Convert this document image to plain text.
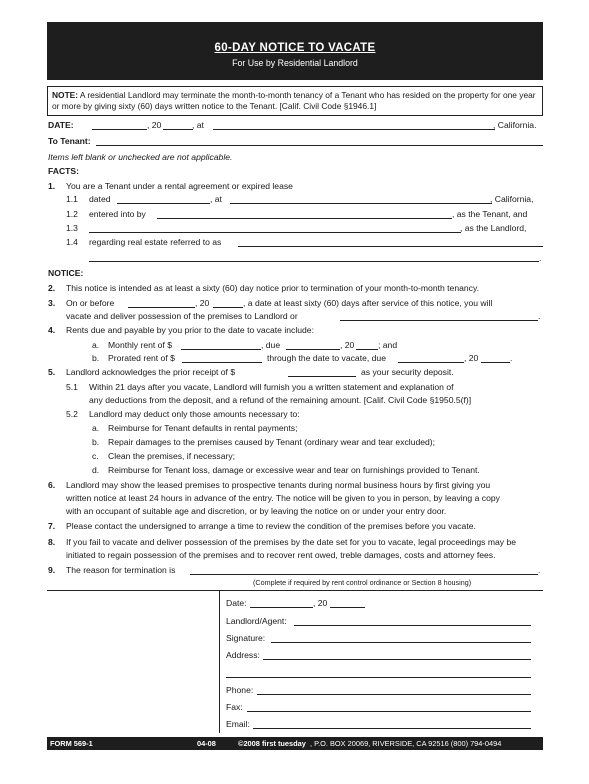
60-DAY NOTICE TO VACATE
For Use by Residential Landlord
NOTE: A residential Landlord may terminate the month-to-month tenancy of a Tenant who has resided on the property for one year or more by giving sixty (60) days written notice to the Tenant. [Calif. Civil Code §1946.1]
DATE:	, 20	, at	, California.
To Tenant:
Items left blank or unchecked are not applicable.
FACTS:
1. You are a Tenant under a rental agreement or expired lease
1.1 dated	, at	, California,
1.2 entered into by	, as the Tenant, and
1.3	, as the Landlord,
1.4 regarding real estate referred to as
.
NOTICE:
2. This notice is intended as at least a sixty (60) day notice prior to termination of your month-to-month tenancy.
3. On or before	, 20	, a date at least sixty (60) days after service of this notice, you will
vacate and deliver possession of the premises to Landlord or	.
4. Rents due and payable by you prior to the date to vacate include:
a. Monthly rent of $	, due	, 20	; and
b. Prorated rent of $	through the date to vacate, due	, 20	.
5. Landlord acknowledges the prior receipt of $	as your security deposit.
5.1 Within 21 days after you vacate, Landlord will furnish you a written statement and explanation of
any deductions from the deposit, and a refund of the remaining amount. [Calif. Civil Code §1950.5(f)]
5.2 Landlord may deduct only those amounts necessary to:
a. Reimburse for Tenant defaults in rental payments;
b. Repair damages to the premises caused by Tenant (ordinary wear and tear excluded);
c. Clean the premises, if necessary;
d. Reimburse for Tenant loss, damage or excessive wear and tear on furnishings provided to Tenant.
6. Landlord may show the leased premises to prospective tenants during normal business hours by first giving you
written notice at least 24 hours in advance of the entry. The notice will be given to you in person, by leaving a copy
with an occupant of suitable age and discretion, or by leaving the notice on or under your entry door.
7. Please contact the undersigned to arrange a time to review the condition of the premises before you vacate.
8. If you fail to vacate and deliver possession of the premises by the date set for you to vacate, legal proceedings may be
initiated to regain possession of the premises and to recover rent owed, treble damages, costs and attorney fees.
9. The reason for termination is	.
(Complete if required by rent control ordinance or Section 8 housing)
Date:	, 20
Landlord/Agent:
Signature:
Address:
Phone:
Fax:
Email:
FORM 569-1	04-08	©2008 first tuesday , P.O. BOX 20069, RIVERSIDE, CA 92516 (800) 794-0494
